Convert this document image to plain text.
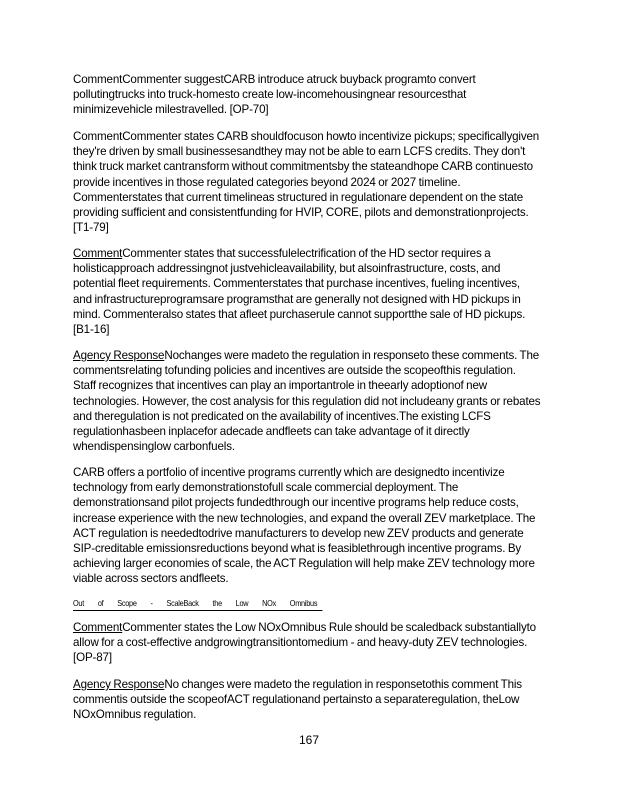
CommentCommenter suggestCARB introduce atruck buyback programto convert pollutingtrucks into truck-homesto create low-incomehousingnear resourcesthat minimizevehicle milestravelled. [OP-70]

CommentCommenter states CARB shouldfocuson howto incentivize pickups; specificallygiven they're driven by small businessesandthey may not be able to earn LCFS credits. They don't think truck market cantransform without commitmentsby the stateandhope CARB continuesto provide incentives in those regulated categories beyond 2024 or 2027 timeline. Commenterstates that current timelineas structured in regulationare dependent on the state providing sufficient and consistentfunding for HVIP, CORE, pilots and demonstrationprojects. [T1-79]

CommentCommenter states that successfulelectrification of the HD sector requires a holisticapproach addressingnot justvehicleavailability, but alsoinfrastructure, costs, and potential fleet requirements. Commenterstates that purchase incentives, fueling incentives, and infrastructureprogramsare programsthat are generally not designed with HD pickups in mind. Commenteralso states that afleet purchaserule cannot supportthe sale of HD pickups. [B1-16]

Agency ResponseNochanges were madeto the regulation in responseto these comments. The commentsrelating tofunding policies and incentives are outside the scopeofthis regulation. Staff recognizes that incentives can play an importantrole in theearly adoptionof new technologies. However, the cost analysis for this regulation did not includeany grants or rebates and theregulation is not predicated on the availability of incentives.The existing LCFS regulationhasbeen inplacefor adecade andfleets can take advantage of it directly whendispensinglow carbonfuels.

CARB offers a portfolio of incentive programs currently which are designedto incentivize technology from early demonstrationstofull scale commercial deployment. The demonstrationsand pilot projects fundedthrough our incentive programs help reduce costs, increase experience with the new technologies, and expand the overall ZEV marketplace. The ACT regulation is neededtodrive manufacturers to develop new ZEV products and generate SIP-creditable emissionsreductions beyond what is feasiblethrough incentive programs. By achieving larger economies of scale, the ACT Regulation will help make ZEV technology more viable across sectors andfleets.

Out of Scope - ScaleBack the Low NOx Omnibus

CommentCommenter states the Low NOxOmnibus Rule should be scaledback substantiallyto allow for a cost-effective andgrowingtransitiontomedium - and heavy-duty ZEV technologies. [OP-87]

Agency ResponseNo changes were madeto the regulation in responsetothis comment This commentis outside the scopeofACT regulationand pertainsto a separateregulation, theLow NOxOmnibus regulation.

167
